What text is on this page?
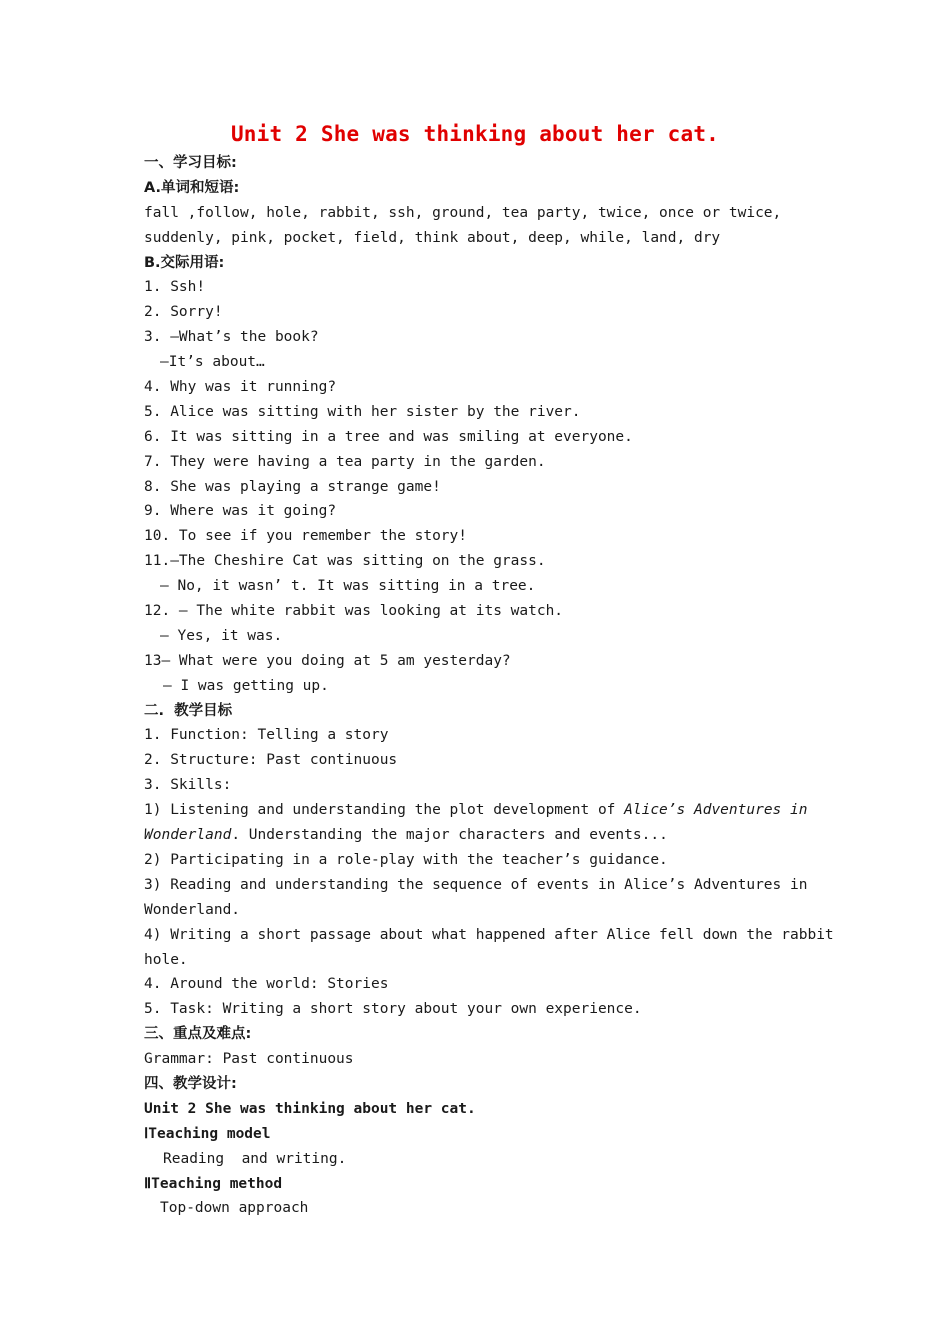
Unit 2 She was thinking about her cat.
一、学习目标:
A.单词和短语:
fall ,follow, hole, rabbit, ssh, ground, tea party, twice, once or twice,
suddenly, pink, pocket, field, think about, deep, while, land, dry
B.交际用语:
1. Ssh!
2. Sorry!
3. —What’s the book?
—It’s about…
4. Why was it running?
5. Alice was sitting with her sister by the river.
6. It was sitting in a tree and was smiling at everyone.
7. They were having a tea party in the garden.
8. She was playing a strange game!
9. Where was it going?
10. To see if you remember the story!
11.—The Cheshire Cat was sitting on the grass.
— No, it wasn’ t. It was sitting in a tree.
12. — The white rabbit was looking at its watch.
— Yes, it was.
13— What were you doing at 5 am yesterday?
— I was getting up.
二.  教学目标
1. Function: Telling a story
2. Structure: Past continuous
3. Skills:
1) Listening and understanding the plot development of Alice’s Adventures in
Wonderland. Understanding the major characters and events...
2) Participating in a role-play with the teacher’s guidance.
3) Reading and understanding the sequence of events in Alice’s Adventures in
Wonderland.
4) Writing a short passage about what happened after Alice fell down the rabbit
hole.
4. Around the world: Stories
5. Task: Writing a short story about your own experience.
三、重点及难点:
Grammar: Past continuous
四、教学设计:
Unit 2 She was thinking about her cat.
ⅠTeaching model
Reading  and writing.
ⅡTeaching method
Top-down approach
